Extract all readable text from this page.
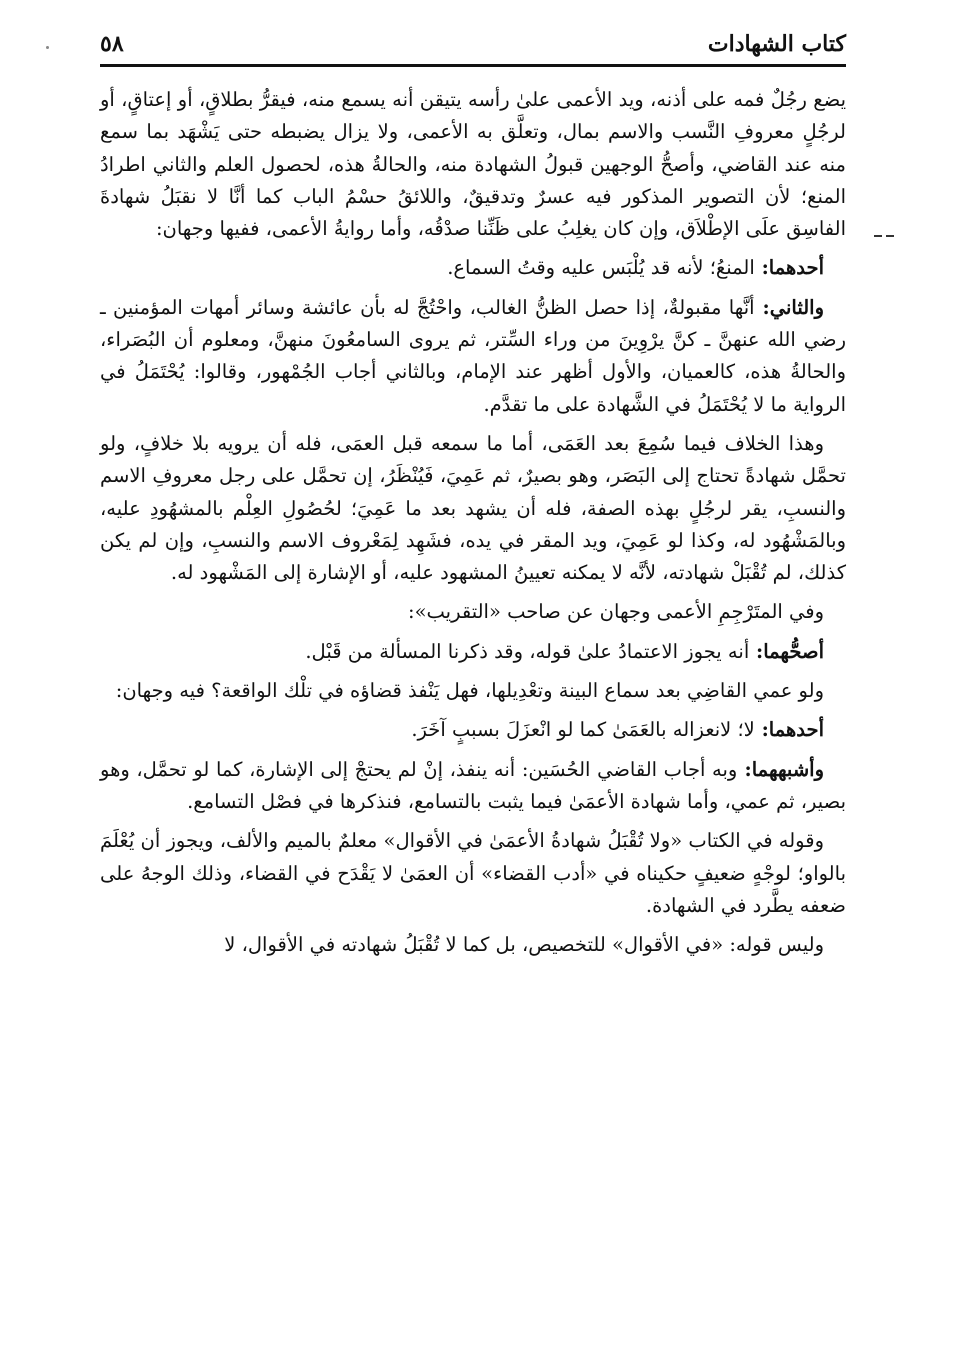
كتاب الشهادات
٥٨

يضع رجُلٌ فمه على أذنه، ويد الأعمى علىٰ رأسه يتيقن أنه يسمع منه، فيقرُّ بطلاقٍ، أو إعتاقٍ، أو لرجُلٍ معروفِ النَّسب والاسم بمال، وتعلَّق به الأعمى، ولا يزال يضبطه حتى يَشْهَد بما سمع منه عند القاضي، وأصحُّ الوجهين قبولُ الشهادة منه، والحالةُ هذه، لحصول العلم والثاني اطرادُ المنع؛ لأن التصوير المذكور فيه عسرٌ وتدقيقٌ، واللائقُ حسْمُ الباب كما أنَّا لا نقبَلُ شهادةَ الفاسِق علَى الإطْلاَق، وإن كان يغلِبُ على ظَنِّنا صدْقُه، وأما روايةُ الأعمى، ففيها وجهان:

أحدهما: المنعُ؛ لأنه قد يُلْبَس عليه وقتُ السماع.

والثاني: أنَّها مقبولةٌ، إذا حصل الظنُّ الغالب، واحْتُجَّ له بأن عائشة وسائر أمهات المؤمنين ـ رضي الله عنهنَّ ـ كنَّ يرْوِينَ من وراء السِّتر، ثم يروى السامعُونَ منهنَّ، ومعلوم أن البُصَراء، والحالةُ هذه، كالعميان، والأول أظهر عند الإمام، وبالثاني أجاب الجُمْهور، وقالوا: يُحْتَمَلُ في الرواية ما لا يُحْتَمَلُ في الشَّهادة على ما تقدَّم.

وهذا الخلاف فيما سُمِعَ بعد العَمَى، أما ما سمعه قبل العمَى، فله أن يرويه بلا خلافٍ، ولو تحمَّل شهادةً تحتاج إلى البَصَر، وهو بصيرٌ، ثم عَمِيَ، فَيُنْظَرُ، إن تحمَّل على رجل معروفِ الاسم والنسبِ، يقر لرجُلٍ بهذه الصفة، فله أن يشهد بعد ما عَمِيَ؛ لحُصُولِ العِلْم بالمشهُودِ عليه، وبالمَشْهُود له، وكذا لو عَمِيَ، ويد المقر في يده، فشَهِد لِمَعْروف الاسم والنسبِ، وإن لم يكن كذلك، لم تُقْبَلْ شهادته، لأنَّه لا يمكنه تعيينُ المشهود عليه، أو الإشارة إلى المَشْهود له.

وفي المتَرْجِمِ الأعمى وجهان عن صاحب «التقريب»:

أصحُّهما: أنه يجوز الاعتمادُ علىٰ قوله، وقد ذكرنا المسألة من قَبْل.

ولو عمي القاضِي بعد سماع البينة وتعْدِيلها، فهل يَنْفذ قضاؤه في تلْك الواقعة؟ فيه وجهان:

أحدهما: لا؛ لانعزاله بالعَمَىٰ كما لو انْعزَلَ بسببٍ آخَرَ.

وأشبههما: وبه أجاب القاضي الحُسَين: أنه ينفذ، إنْ لم يحتجْ إلى الإشارة، كما لو تحمَّل، وهو بصير، ثم عمي، وأما شهادة الأعمَىٰ فيما يثبت بالتسامع، فنذكرها في فصْل التسامع.

وقوله في الكتاب «ولا تُقْبَلُ شهادةُ الأعمَىٰ في الأقوال» معلمٌ بالميم والألف، ويجوز أن يُعْلَمَ بالواو؛ لوجْهٍ ضعيفٍ حكيناه في «أدب القضاء» أن العمَىٰ لا يَقْدَح في القضاء، وذلك الوجهُ على ضعفه يطَّرد في الشهادة.

وليس قوله: «في الأقوال» للتخصيص، بل كما لا تُقْبَلُ شهادته في الأقوال، لا
